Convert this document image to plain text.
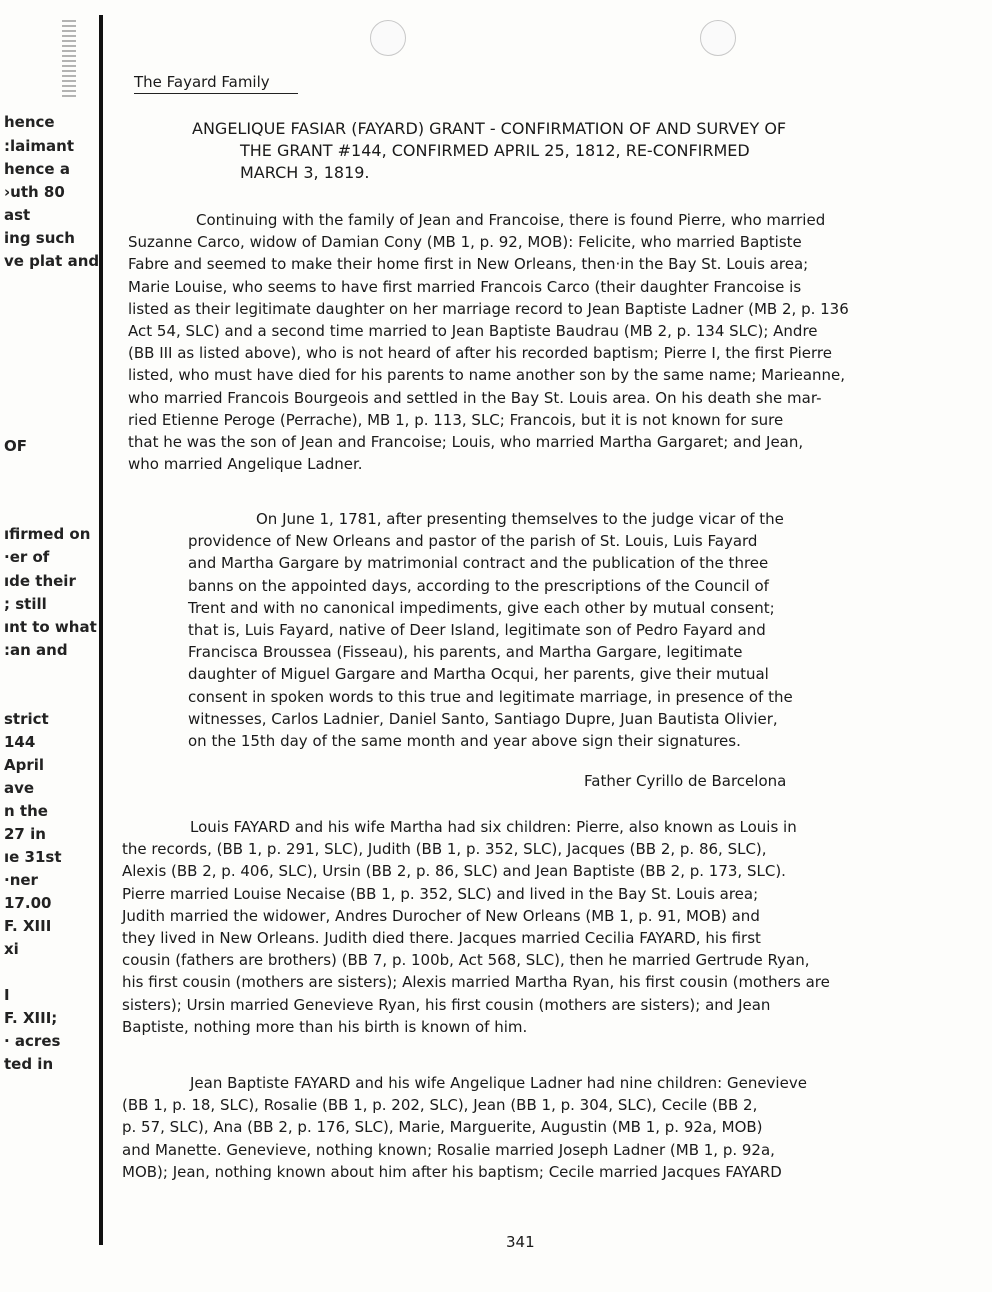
hence

:laimant

hence a

›uth 80

ast

ing such

ve plat and

OF

ıfirmed on

·er of

ıde their

; still

ınt to what

:an and

strict

144

April

ave

n the

27 in

ıe 31st

·ner

17.00

F. XIII

xi

I

F. XIII;

· acres

ted in

The Fayard Family

ANGELIQUE FASIAR (FAYARD) GRANT - CONFIRMATION OF AND SURVEY OF
THE GRANT #144, CONFIRMED APRIL 25, 1812, RE-CONFIRMED
MARCH 3, 1819.
Continuing with the family of Jean and Francoise, there is found Pierre, who married
Suzanne Carco, widow of Damian Cony (MB 1, p. 92, MOB): Felicite, who married Baptiste
Fabre and seemed to make their home first in New Orleans, then·in the Bay St. Louis area;
Marie Louise, who seems to have first married Francois Carco (their daughter Francoise is
listed as their legitimate daughter on her marriage record to Jean Baptiste Ladner (MB 2, p. 136
Act 54, SLC) and a second time married to Jean Baptiste Baudrau (MB 2, p. 134 SLC); Andre
(BB III as listed above), who is not heard of after his recorded baptism; Pierre I, the first Pierre
listed, who must have died for his parents to name another son by the same name; Marieanne,
who married Francois Bourgeois and settled in the Bay St. Louis area. On his death she mar-
ried Etienne Peroge (Perrache), MB 1, p. 113, SLC; Francois, but it is not known for sure
that he was the son of Jean and Francoise; Louis, who married Martha Gargaret; and Jean,
who married Angelique Ladner.
On June 1, 1781, after presenting themselves to the judge vicar of the
providence of New Orleans and pastor of the parish of St. Louis, Luis Fayard
and Martha Gargare by matrimonial contract and the publication of the three
banns on the appointed days, according to the prescriptions of the Council of
Trent and with no canonical impediments, give each other by mutual consent;
that is, Luis Fayard, native of Deer Island, legitimate son of Pedro Fayard and
Francisca Broussea (Fisseau), his parents, and Martha Gargare, legitimate
daughter of Miguel Gargare and Martha Ocqui, her parents, give their mutual
consent in spoken words to this true and legitimate marriage, in presence of the
witnesses, Carlos Ladnier, Daniel Santo, Santiago Dupre, Juan Bautista Olivier,
on the 15th day of the same month and year above sign their signatures.

Father Cyrillo de Barcelona

Louis FAYARD and his wife Martha had six children: Pierre, also known as Louis in
the records, (BB 1, p. 291, SLC), Judith (BB 1, p. 352, SLC), Jacques (BB 2, p. 86, SLC),
Alexis (BB 2, p. 406, SLC), Ursin (BB 2, p. 86, SLC) and Jean Baptiste (BB 2, p. 173, SLC).
Pierre married Louise Necaise (BB 1, p. 352, SLC) and lived in the Bay St. Louis area;
Judith married the widower, Andres Durocher of New Orleans (MB 1, p. 91, MOB) and
they lived in New Orleans. Judith died there. Jacques married Cecilia FAYARD, his first
cousin (fathers are brothers) (BB 7, p. 100b, Act 568, SLC), then he married Gertrude Ryan,
his first cousin (mothers are sisters); Alexis married Martha Ryan, his first cousin (mothers are
sisters); Ursin married Genevieve Ryan, his first cousin (mothers are sisters); and Jean
Baptiste, nothing more than his birth is known of him.
Jean Baptiste FAYARD and his wife Angelique Ladner had nine children: Genevieve
(BB 1, p. 18, SLC), Rosalie (BB 1, p. 202, SLC), Jean (BB 1, p. 304, SLC), Cecile (BB 2,
p. 57, SLC), Ana (BB 2, p. 176, SLC), Marie, Marguerite, Augustin (MB 1, p. 92a, MOB)
and Manette. Genevieve, nothing known; Rosalie married Joseph Ladner (MB 1, p. 92a,
MOB); Jean, nothing known about him after his baptism; Cecile married Jacques FAYARD

341
